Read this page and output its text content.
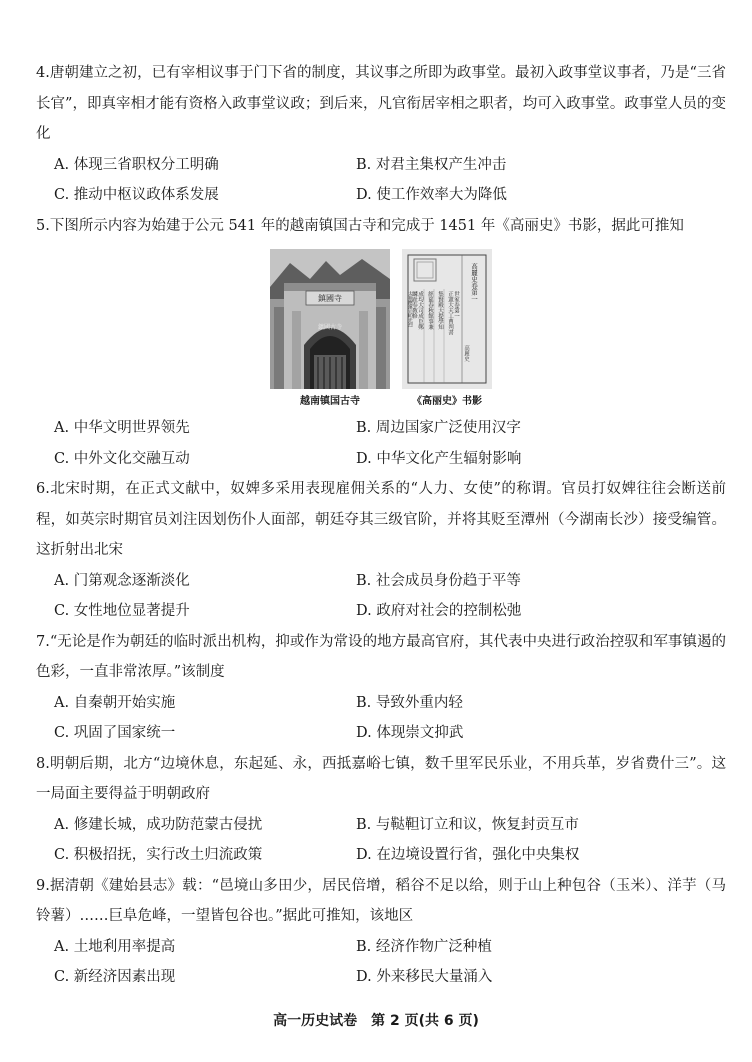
4.唐朝建立之初，已有宰相议事于门下省的制度，其议事之所即为政事堂。最初入政事堂议事者，乃是“三省长官”，即真宰相才能有资格入政事堂议政；到后来，凡官衔居宰相之职者，均可入政事堂。政事堂人员的变化

A. 体现三省职权分工明确	B. 对君主集权产生冲击
C. 推动中枢议政体系发展	D. 使工作效率大为降低

5.下图所示内容为始建于公元 541 年的越南镇国古寺和完成于 1451 年《高丽史》书影，据此可推知

鎮國寺
鎮國古寺
越南镇国古寺
高麗史卷第一
高麗史
世家卷第一
正憲大夫工曹判書
集賢殿大提學知
經筵春秋館事兼
成均大司成臣鄭
麟趾奉敎修
太祖應運元明光烈
《高丽史》书影
A. 中华文明世界领先	B. 周边国家广泛使用汉字
C. 中外文化交融互动	D. 中华文化产生辐射影响

6.北宋时期，在正式文献中，奴婢多采用表现雇佣关系的“人力、女使”的称谓。官员打奴婢往往会断送前程，如英宗时期官员刘注因划伤仆人面部，朝廷夺其三级官阶，并将其贬至潭州（今湖南长沙）接受编管。这折射出北宋

A. 门第观念逐渐淡化	B. 社会成员身份趋于平等
C. 女性地位显著提升	D. 政府对社会的控制松弛

7.“无论是作为朝廷的临时派出机构，抑或作为常设的地方最高官府，其代表中央进行政治控驭和军事镇遏的色彩，一直非常浓厚。”该制度

A. 自秦朝开始实施	B. 导致外重内轻
C. 巩固了国家统一	D. 体现崇文抑武

8.明朝后期，北方“边境休息，东起延、永，西抵嘉峪七镇，数千里军民乐业，不用兵革，岁省费什三”。这一局面主要得益于明朝政府

A. 修建长城，成功防范蒙古侵扰	B. 与鞑靼订立和议，恢复封贡互市
C. 积极招抚，实行改土归流政策	D. 在边境设置行省，强化中央集权

9.据清朝《建始县志》载：“邑境山多田少，居民倍增，稻谷不足以给，则于山上种包谷（玉米）、洋芋（马铃薯）……巨阜危峰，一望皆包谷也。”据此可推知，该地区

A. 土地利用率提高	B. 经济作物广泛种植
C. 新经济因素出现	D. 外来移民大量涌入
高一历史试卷 第 2 页(共 6 页)
